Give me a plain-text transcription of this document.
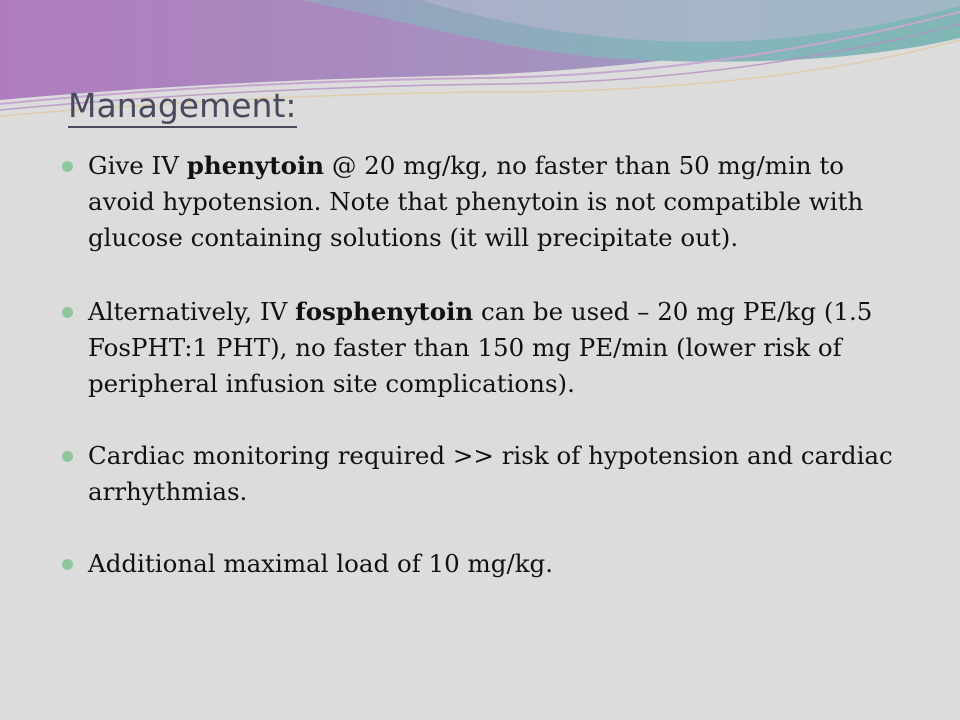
Management:
Give IV phenytoin @ 20 mg/kg, no faster than 50 mg/min to avoid hypotension. Note that phenytoin is not compatible with glucose containing solutions (it will precipitate out).
Alternatively, IV fosphenytoin can be used – 20 mg PE/kg (1.5 FosPHT:1 PHT), no faster than 150 mg PE/min (lower risk of peripheral infusion site complications).
Cardiac monitoring required >> risk of hypotension and cardiac arrhythmias.
Additional maximal load of 10 mg/kg.
